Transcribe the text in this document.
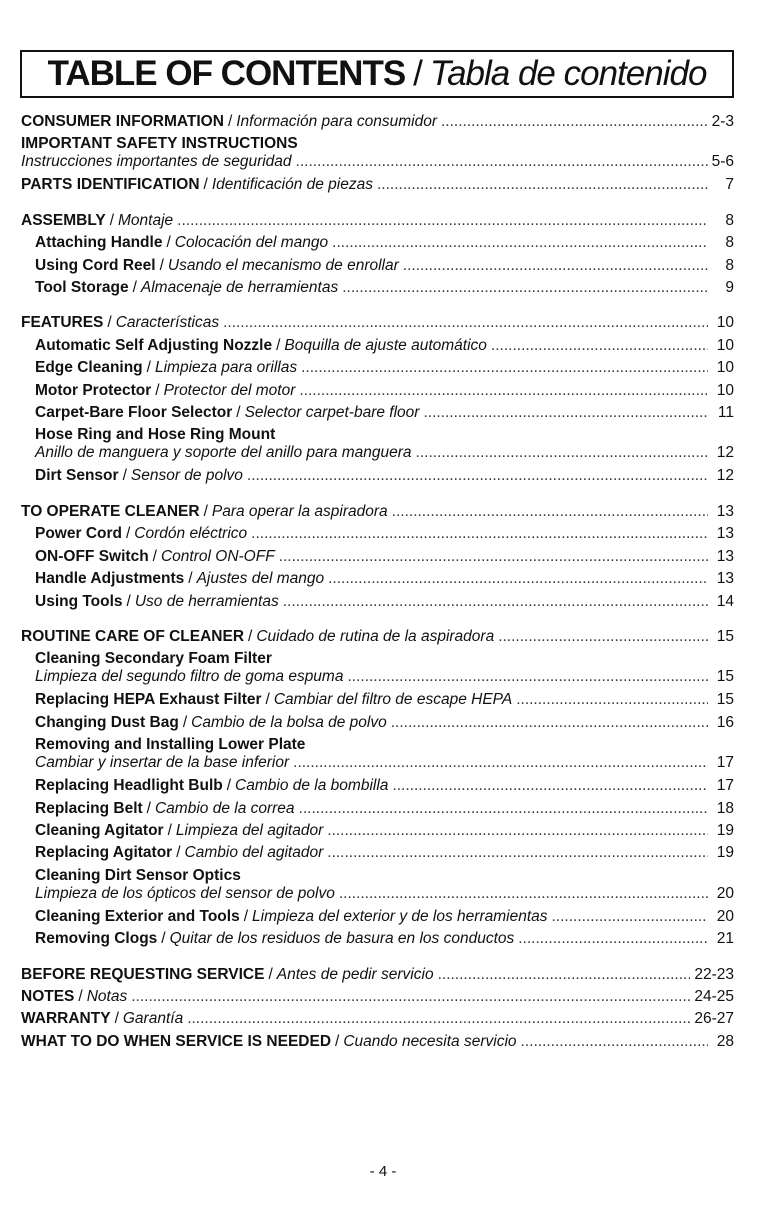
TABLE OF CONTENTS / Tabla de contenido
CONSUMER INFORMATION / Información para consumidor .....	2-3
IMPORTANT SAFETY INSTRUCTIONS
Instrucciones importantes de seguridad .....	5-6
PARTS IDENTIFICATION / Identificación de piezas .....	7
ASSEMBLY / Montaje .....	8
Attaching Handle / Colocación del mango .....	8
Using Cord Reel / Usando el mecanismo de enrollar .....	8
Tool Storage / Almacenaje de herramientas .....	9
FEATURES / Características .....	10
Automatic Self Adjusting Nozzle / Boquilla de ajuste automático .....	10
Edge Cleaning / Limpieza para orillas .....	10
Motor Protector / Protector del motor .....	10
Carpet-Bare Floor Selector / Selector carpet-bare floor .....	11
Hose Ring and Hose Ring Mount
Anillo de manguera y soporte del anillo para manguera .....	12
Dirt Sensor / Sensor de polvo .....	12
TO OPERATE CLEANER / Para operar la aspiradora .....	13
Power Cord / Cordón eléctrico .....	13
ON-OFF Switch / Control ON-OFF .....	13
Handle Adjustments / Ajustes del mango .....	13
Using Tools / Uso de herramientas .....	14
ROUTINE CARE OF CLEANER / Cuidado de rutina de la aspiradora .....	15
Cleaning Secondary Foam Filter
Limpieza del segundo filtro de goma espuma .....	15
Replacing HEPA Exhaust Filter / Cambiar del filtro de escape HEPA .....	15
Changing Dust Bag / Cambio de la bolsa de polvo .....	16
Removing and Installing Lower Plate
Cambiar y insertar de la base inferior .....	17
Replacing Headlight Bulb / Cambio de la bombilla .....	17
Replacing Belt / Cambio de la correa .....	18
Cleaning Agitator / Limpieza del agitador .....	19
Replacing Agitator / Cambio del agitador .....	19
Cleaning Dirt Sensor Optics
Limpieza de los ópticos del sensor de polvo .....	20
Cleaning Exterior and Tools / Limpieza del exterior y de los herramientas .....	20
Removing Clogs / Quitar de los residuos de basura en los conductos .....	21
BEFORE REQUESTING SERVICE / Antes de pedir servicio .....	22-23
NOTES / Notas .....	24-25
WARRANTY / Garantía .....	26-27
WHAT TO DO WHEN SERVICE IS NEEDED / Cuando necesita servicio .....	28
- 4 -
